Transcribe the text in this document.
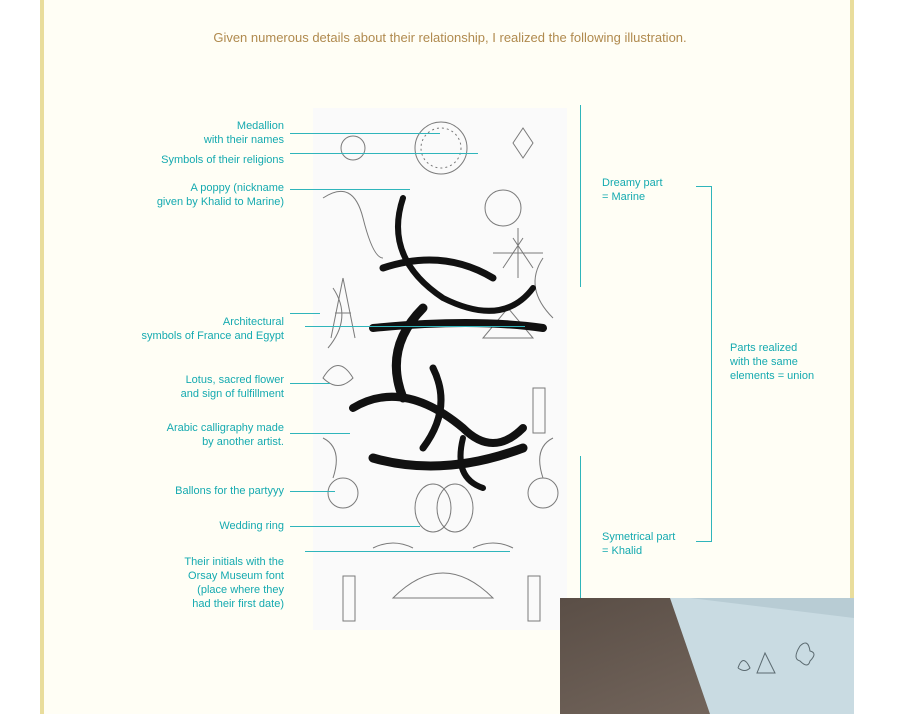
Given numerous details about their relationship, I realized the following illustration.
Medallion
with their names
Symbols of their religions
A poppy (nickname
given by Khalid to Marine)
Architectural
symbols of France and Egypt
Lotus, sacred flower
and sign of fulfillment
Arabic calligraphy made
by another artist.
Ballons for the partyyy
Wedding ring
Their initials with the
Orsay Museum font
(place where they
had their first date)
Dreamy part
= Marine
Parts realized
with the same
elements = union
Symetrical part
= Khalid
